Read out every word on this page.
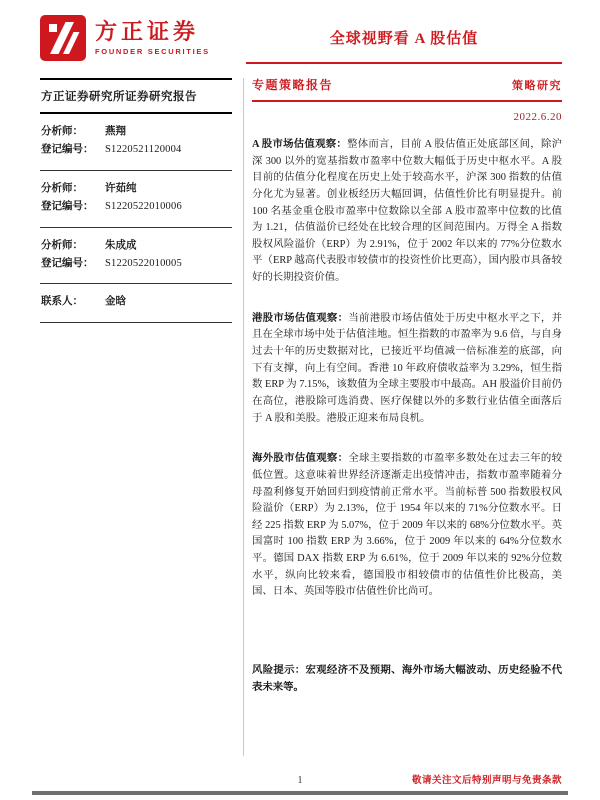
方正证券
FOUNDER SECURITIES
全球视野看 A 股估值
方正证券研究所证券研究报告
分析师：	燕翔
登记编号：	S1220521120004
分析师：	许茹纯
登记编号：	S1220522010006
分析师：	朱成成
登记编号：	S1220522010005
联系人：	金晗
专题策略报告	策略研究
2022.6.20

A 股市场估值观察：整体而言，目前 A 股估值正处底部区间，除沪深 300 以外的宽基指数市盈率中位数大幅低于历史中枢水平。A 股目前的估值分化程度在历史上处于较高水平，沪深 300 指数的估值分化尤为显著。创业板经历大幅回调，估值性价比有明显提升。前 100 名基金重仓股市盈率中位数除以全部 A 股市盈率中位数的比值为 1.21，估值溢价已经处在比较合理的区间范围内。万得全 A 指数股权风险溢价（ERP）为 2.91%，位于 2002 年以来的 77%分位数水平（ERP 越高代表股市较债市的投资性价比更高），国内股市具备较好的长期投资价值。

港股市场估值观察：当前港股市场估值处于历史中枢水平之下，并且在全球市场中处于估值洼地。恒生指数的市盈率为 9.6 倍，与自身过去十年的历史数据对比，已接近平均值减一倍标准差的底部，向下有支撑，向上有空间。香港 10 年政府债收益率为 3.29%，恒生指数 ERP 为 7.15%，该数值为全球主要股市中最高。AH 股溢价目前仍在高位，港股除可选消费、医疗保健以外的多数行业估值全面落后于 A 股和美股。港股正迎来布局良机。

海外股市估值观察：全球主要指数的市盈率多数处在过去三年的较低位置。这意味着世界经济逐渐走出疫情冲击，指数市盈率随着分母盈利修复开始回归到疫情前正常水平。当前标普 500 指数股权风险溢价（ERP）为 2.13%，位于 1954 年以来的 71%分位数水平。日经 225 指数 ERP 为 5.07%，位于 2009 年以来的 68%分位数水平。英国富时 100 指数 ERP 为 3.66%，位于 2009 年以来的 64%分位数水平。德国 DAX 指数 ERP 为 6.61%，位于 2009 年以来的 92%分位数水平，纵向比较来看，德国股市相较债市的估值性价比极高，美国、日本、英国等股市估值性价比尚可。

风险提示：宏观经济不及预期、海外市场大幅波动、历史经验不代表未来等。

1	敬请关注文后特别声明与免责条款
